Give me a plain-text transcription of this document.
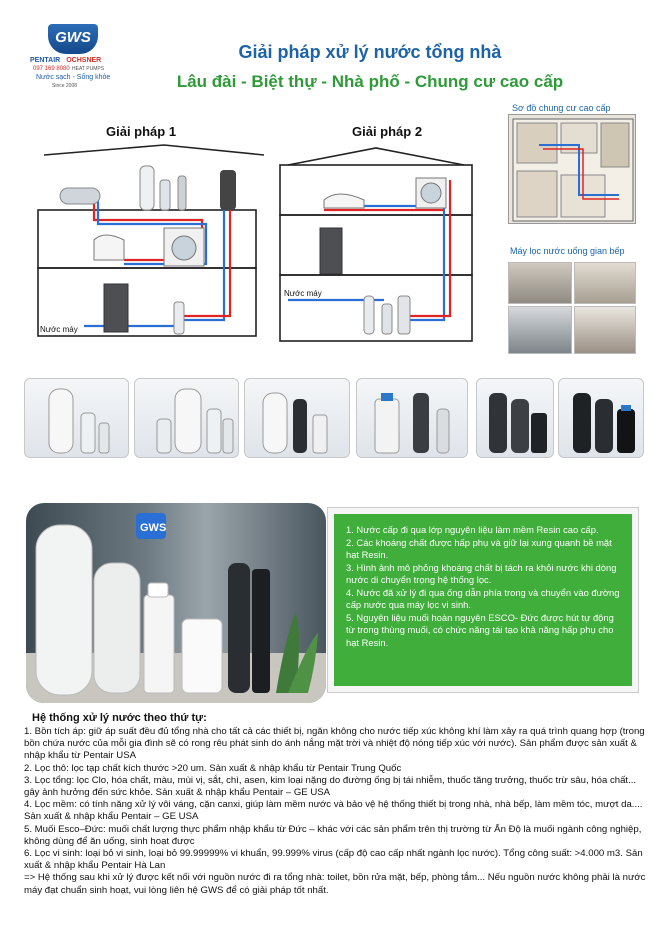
GWS
PENTAIR OCHSNER
097 169 8080 HEAT PUMPS
Nước sạch - Sống khỏe
Since 2008
Giải pháp xử lý nước tổng nhà
Lâu đài - Biệt thự - Nhà phố - Chung cư cao cấp
Giải pháp 1	Giải pháp 2
Nước máy
Nước máy
Sơ đồ chung cư cao cấp
Máy lọc nước uống gian bếp
GWS	1. Nước cấp đi qua lớp nguyên liệu làm mềm Resin cao cấp.

2. Các khoáng chất được hấp phụ và giữ lại xung quanh bề mặt hạt Resin.

3. Hình ảnh mô phỏng khoáng chất bị tách ra khỏi nước khi dòng nước di chuyển trọng hệ thống lọc.

4. Nước đã xử lý đi qua ống dẫn phía trong và chuyển vào đường cấp nước qua máy lọc vi sinh.

5. Nguyên liệu muối hoàn nguyên ESCO- Đức được hút tự động từ trong thùng muối, có chức năng tái tạo khả năng hấp phụ cho hạt Resin.

Hệ thống xử lý nước theo thứ tự:

1. Bồn tích áp: giữ áp suất đều đủ tổng nhà cho tất cả các thiết bị, ngăn không cho nước tiếp xúc không khí làm xảy ra quá trình quang hợp (trong bồn chứa nước của mỗi gia đình sẽ có rong rêu phát sinh do ánh nắng mặt trời và nhiệt độ nóng tiếp xúc với nước). Sản phẩm được sản xuất & nhập khẩu từ Pentair USA

2. Lọc thô: lọc tạp chất kích thước >20 um. Sản xuất & nhập khẩu từ Pentair Trung Quốc

3. Lọc tổng: lọc Clo, hóa chất, màu, mùi vị, sắt, chì, asen, kim loại nặng do đường ống bị tái nhiễm, thuốc tăng trưởng, thuốc trừ sâu, hóa chất... gây ảnh hưởng đến sức khỏe. Sản xuất & nhập khẩu Pentair – GE USA

4. Lọc mềm: có tính năng xử lý vôi váng, cặn canxi, giúp làm mềm nước và bảo vệ hệ thống thiết bị trong nhà, nhà bếp, làm mềm tóc, mượt da.... Sản xuất & nhập khẩu Pentair – GE USA

5. Muối Esco–Đức: muối chất lượng thực phẩm nhập khẩu từ Đức – khác với các sản phẩm trên thị trường từ Ấn Độ là muối ngành công nghiệp, không dùng để ăn uống, sinh hoạt được

6. Lọc vi sinh: loại bỏ vi sinh, loại bỏ 99.99999% vi khuẩn, 99.999% virus (cấp độ cao cấp nhất ngành lọc nước). Tổng công suất: >4.000 m3. Sản xuất & nhập khẩu Pentair Hà Lan

=> Hệ thống sau khi xử lý được kết nối với nguồn nước đi ra tổng nhà: toilet, bồn rửa mặt, bếp, phòng tắm... Nếu nguồn nước không phải là nước máy đạt chuẩn sinh hoạt, vui lòng liên hệ GWS để có giải pháp tốt nhất.
